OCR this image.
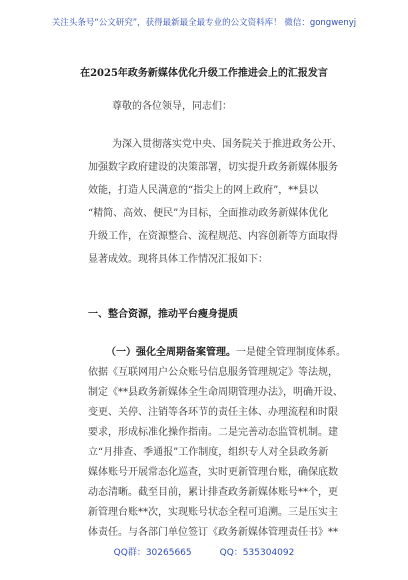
关注头条号“公文研究”，获得最新最全最专业的公文资料库！ 微信：gongwenyj
在2025年政务新媒体优化升级工作推进会上的汇报发言
尊敬的各位领导，同志们：
为深入贯彻落实党中央、国务院关于推进政务公开、
加强数字政府建设的决策部署，切实提升政务新媒体服务
效能，打造人民满意的“指尖上的网上政府”，**县以
“精简、高效、便民”为目标，全面推动政务新媒体优化
升级工作，在资源整合、流程规范、内容创新等方面取得
显著成效。现将具体工作情况汇报如下：
一、整合资源，推动平台瘦身提质
（一）强化全周期备案管理。一是健全管理制度体系。
依据《互联网用户公众账号信息服务管理规定》等法规，
制定《**县政务新媒体全生命周期管理办法》，明确开设、
变更、关停、注销等各环节的责任主体、办理流程和时限
要求，形成标准化操作指南。二是完善动态监管机制。建
立“月排查、季通报”工作制度，组织专人对全县政务新
媒体账号开展常态化巡查，实时更新管理台账，确保底数
动态清晰。截至目前，累计排查政务新媒体账号**个，更
QQ群：30265665	QQ：535304092
新管理台账**次，实现账号状态全程可追溯。三是压实主
体责任。与各部门单位签订《政务新媒体管理责任书》**
